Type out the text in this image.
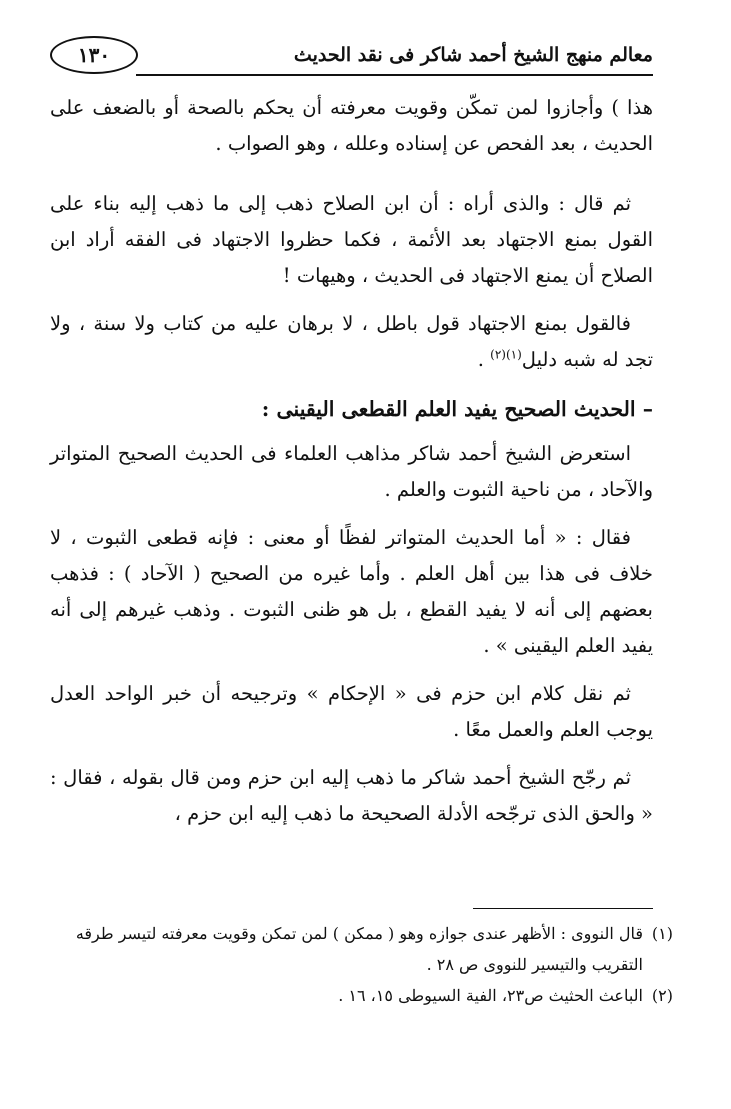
معالم منهج الشيخ أحمد شاكر فى نقد الحديث
١٣٠

هذا ) وأجازوا لمن تمكّن وقويت معرفته أن يحكم بالصحة أو بالضعف على الحديث ، بعد الفحص عن إسناده وعلله ، وهو الصواب .

ثم قال : والذى أراه : أن ابن الصلاح ذهب إلى ما ذهب إليه بناء على القول بمنع الاجتهاد بعد الأئمة ، فكما حظروا الاجتهاد فى الفقه أراد ابن الصلاح أن يمنع الاجتهاد فى الحديث ، وهيهات !

فالقول بمنع الاجتهاد قول باطل ، لا برهان عليه من كتاب ولا سنة ، ولا تجد له شبه دليل$^{(١)(٢)}$ .

– الحديث الصحيح يفيد العلم القطعى اليقينى :

استعرض الشيخ أحمد شاكر مذاهب العلماء فى الحديث الصحيح المتواتر والآحاد ، من ناحية الثبوت والعلم .

فقال : « أما الحديث المتواتر لفظًا أو معنى : فإنه قطعى الثبوت ، لا خلاف فى هذا بين أهل العلم . وأما غيره من الصحيح ( الآحاد ) : فذهب بعضهم إلى أنه لا يفيد القطع ، بل هو ظنى الثبوت . وذهب غيرهم إلى أنه يفيد العلم اليقينى » .

ثم نقل كلام ابن حزم فى « الإحكام » وترجيحه أن خبر الواحد العدل يوجب العلم والعمل معًا .

ثم رجّح الشيخ أحمد شاكر ما ذهب إليه ابن حزم ومن قال بقوله ، فقال : « والحق الذى ترجّحه الأدلة الصحيحة ما ذهب إليه ابن حزم ،

(١)
قال النووى : الأظهر عندى جوازه وهو ( ممكن ) لمن تمكن وقويت معرفته لتيسر طرقه التقريب والتيسير للنووى ص ٢٨ .
(٢)
الباعث الحثيث ص٢٣، الفية السيوطى ١٥، ١٦ .
